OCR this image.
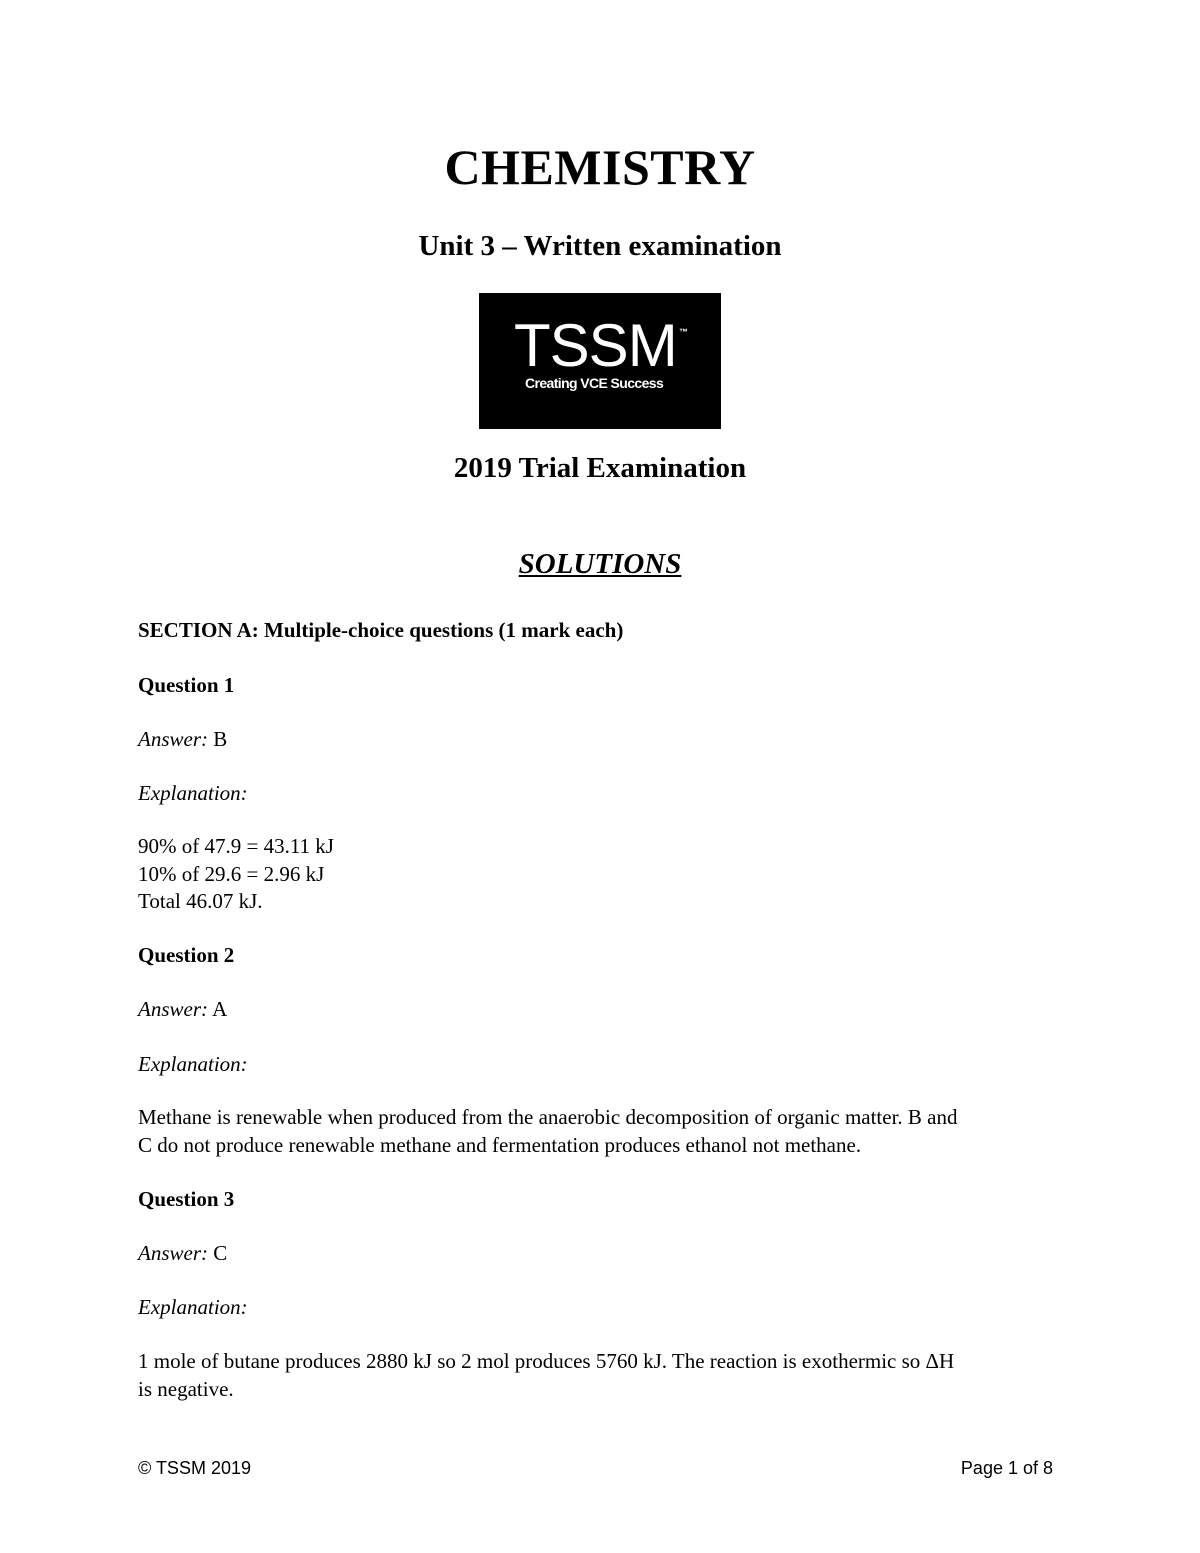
CHEMISTRY
Unit 3 – Written examination
TSSM ™
Creating VCE Success
2019 Trial Examination
SOLUTIONS
SECTION A: Multiple-choice questions (1 mark each)
Question 1
Answer: B
Explanation:
90% of 47.9 = 43.11 kJ
10% of 29.6 = 2.96 kJ
Total 46.07 kJ.
Question 2
Answer: A
Explanation:
Methane is renewable when produced from the anaerobic decomposition of organic matter. B and
C do not produce renewable methane and fermentation produces ethanol not methane.
Question 3
Answer: C
Explanation:
1 mole of butane produces 2880 kJ so 2 mol produces 5760 kJ. The reaction is exothermic so ΔH
is negative.
© TSSM 2019	Page 1 of 8
